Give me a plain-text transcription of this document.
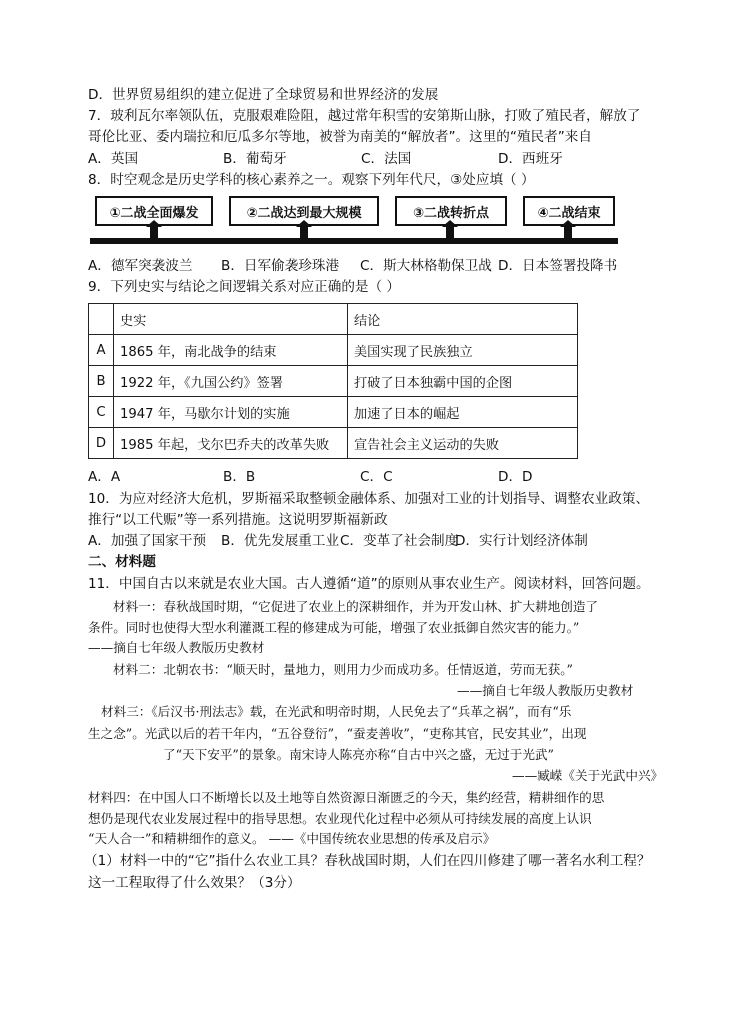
D．世界贸易组织的建立促进了全球贸易和世界经济的发展
7．玻利瓦尔率领队伍，克服艰难险阻，越过常年积雪的安第斯山脉，打败了殖民者，解放了
哥伦比亚、委内瑞拉和厄瓜多尔等地，被誉为南美的“解放者”。这里的“殖民者”来自
A．英国	B．葡萄牙	C．法国	D．西班牙
8．时空观念是历史学科的核心素养之一。观察下列年代尺，③处应填（ ）
①二战全面爆发	②二战达到最大规模	③二战转折点	④二战结束
A．德军突袭波兰 B．日军偷袭珍珠港 C．斯大林格勒保卫战 D．日本签署投降书
9．下列史实与结论之间逻辑关系对应正确的是（ ）
	史实	结论
A	1865 年，南北战争的结束	美国实现了民族独立
B	1922 年，《九国公约》签署	打破了日本独霸中国的企图
C	1947 年，马歇尔计划的实施	加速了日本的崛起
D	1985 年起，戈尔巴乔夫的改革失败	宣告社会主义运动的失败
A．A	B．B	C．C	D．D
10．为应对经济大危机，罗斯福采取整顿金融体系、加强对工业的计划指导、调整农业政策、
推行“以工代赈”等一系列措施。这说明罗斯福新政
A．加强了国家干预 B．优先发展重工业 C．变革了社会制度
D．实行计划经济体制
二、材料题
11．中国自古以来就是农业大国。古人遵循“道”的原则从事农业生产。阅读材料，回答问题。
材料一：春秋战国时期，“它促进了农业上的深耕细作，并为开发山林、扩大耕地创造了
条件。同时也使得大型水利灌溉工程的修建成为可能，增强了农业抵御自然灾害的能力。”
——摘自七年级人教版历史教材
材料二：北朝农书：“顺天时，量地力，则用力少而成功多。任情返道，劳而无获。”
——摘自七年级人教版历史教材
材料三：《后汉书·刑法志》载，在光武和明帝时期，人民免去了“兵革之祸”，而有“乐
生之念”。光武以后的若干年内，“五谷登衍”，“蚕麦善收”，“吏称其官，民安其业”，出现
了“天下安平”的景象。南宋诗人陈亮亦称“自古中兴之盛，无过于光武”
——臧嵘《关于光武中兴》
材料四：在中国人口不断增长以及土地等自然资源日渐匮乏的今天，集约经营，精耕细作的思
想仍是现代农业发展过程中的指导思想。农业现代化过程中必须从可持续发展的高度上认识
“天人合一”和精耕细作的意义。 ——《中国传统农业思想的传承及启示》
（1）材料一中的“它”指什么农业工具？春秋战国时期，人们在四川修建了哪一著名水利工程？
这一工程取得了什么效果？（3分）
